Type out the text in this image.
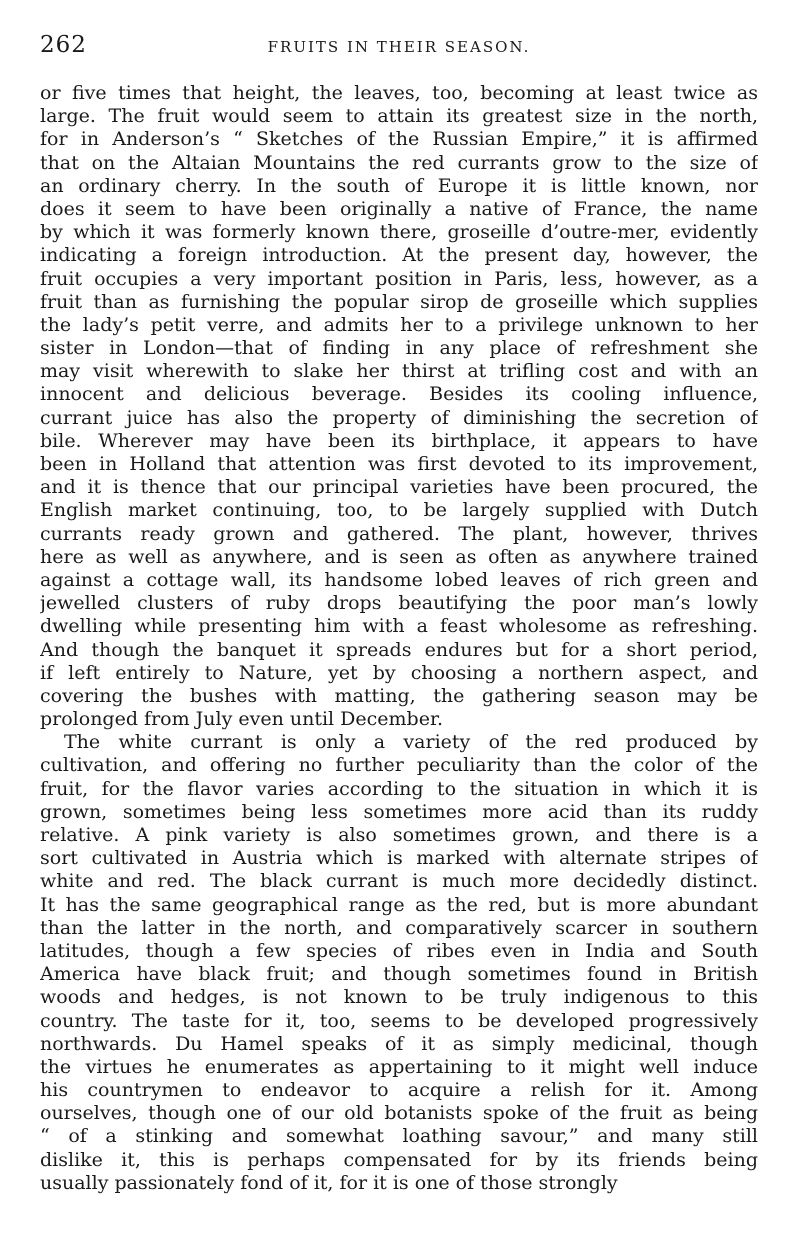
262	FRUITS IN THEIR SEASON.
or five times that height, the leaves, too, becoming at least twice as
large. The fruit would seem to attain its greatest size in the north,
for in Anderson’s “ Sketches of the Russian Empire,” it is affirmed
that on the Altaian Mountains the red currants grow to the size of
an ordinary cherry. In the south of Europe it is little known, nor
does it seem to have been originally a native of France, the name
by which it was formerly known there, groseille d’outre-mer, evidently
indicating a foreign introduction. At the present day, however, the
fruit occupies a very important position in Paris, less, however, as a
fruit than as furnishing the popular sirop de groseille which supplies
the lady’s petit verre, and admits her to a privilege unknown to her
sister in London—that of finding in any place of refreshment she
may visit wherewith to slake her thirst at trifling cost and with an
innocent and delicious beverage. Besides its cooling influence,
currant juice has also the property of diminishing the secretion of
bile. Wherever may have been its birthplace, it appears to have
been in Holland that attention was first devoted to its improvement,
and it is thence that our principal varieties have been procured, the
English market continuing, too, to be largely supplied with Dutch
currants ready grown and gathered. The plant, however, thrives
here as well as anywhere, and is seen as often as anywhere trained
against a cottage wall, its handsome lobed leaves of rich green and
jewelled clusters of ruby drops beautifying the poor man’s lowly
dwelling while presenting him with a feast wholesome as refreshing.
And though the banquet it spreads endures but for a short period,
if left entirely to Nature, yet by choosing a northern aspect, and
covering the bushes with matting, the gathering season may be
prolonged from July even until December.
The white currant is only a variety of the red produced by
cultivation, and offering no further peculiarity than the color of the
fruit, for the flavor varies according to the situation in which it is
grown, sometimes being less sometimes more acid than its ruddy
relative. A pink variety is also sometimes grown, and there is a
sort cultivated in Austria which is marked with alternate stripes of
white and red. The black currant is much more decidedly distinct.
It has the same geographical range as the red, but is more abundant
than the latter in the north, and comparatively scarcer in southern
latitudes, though a few species of ribes even in India and South
America have black fruit; and though sometimes found in British
woods and hedges, is not known to be truly indigenous to this
country. The taste for it, too, seems to be developed progressively
northwards. Du Hamel speaks of it as simply medicinal, though
the virtues he enumerates as appertaining to it might well induce
his countrymen to endeavor to acquire a relish for it. Among
ourselves, though one of our old botanists spoke of the fruit as being
“ of a stinking and somewhat loathing savour,” and many still
dislike it, this is perhaps compensated for by its friends being
usually passionately fond of it, for it is one of those strongly
